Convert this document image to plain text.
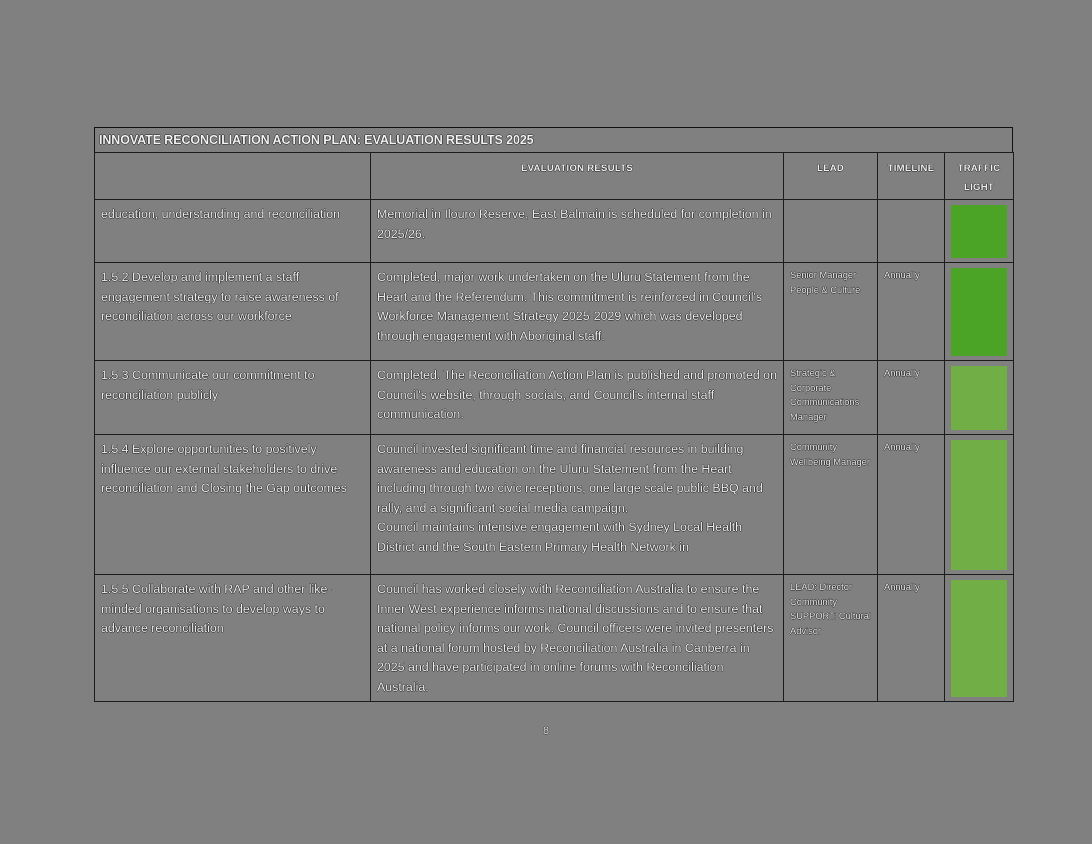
INNOVATE RECONCILIATION ACTION PLAN: EVALUATION RESULTS 2025
	EVALUATION RESULTS	LEAD	TIMELINE	TRAFFIC LIGHT

education, understanding and reconciliation	Memorial in Ilouro Reserve, East Balmain is scheduled for completion in 2025/26.			

1.5.2 Develop and implement a staff engagement strategy to raise awareness of reconciliation across our workforce	Completed, major work undertaken on the Uluru Statement from the Heart and the Referendum. This commitment is reinforced in Council's Workforce Management Strategy 2025-2029 which was developed through engagement with Aboriginal staff.	Senior Manager People & Culture	Annually	

1.5.3 Communicate our commitment to reconciliation publicly	Completed. The Reconciliation Action Plan is published and promoted on Council's website, through socials, and Council's internal staff communication.	Strategic & Corporate Communications Manager	Annually	

1.5.4 Explore opportunities to positively influence our external stakeholders to drive reconciliation and Closing the Gap outcomes	Council invested significant time and financial resources in building awareness and education on the Uluru Statement from the Heart including through two civic receptions, one large scale public BBQ and rally, and a significant social media campaign.
Council maintains intensive engagement with Sydney Local Health District and the South Eastern Primary Health Network in	Community Wellbeing Manager	Annually	

1.5.5 Collaborate with RAP and other like-minded organisations to develop ways to advance reconciliation	Council has worked closely with Reconciliation Australia to ensure the Inner West experience informs national discussions and to ensure that national policy informs our work. Council officers were invited presenters at a national forum hosted by Reconciliation Australia in Canberra in 2025 and have participated in online forums with Reconciliation Australia.	LEAD: Director Community SUPPORT: Cultural Advisor	Annually	

8
